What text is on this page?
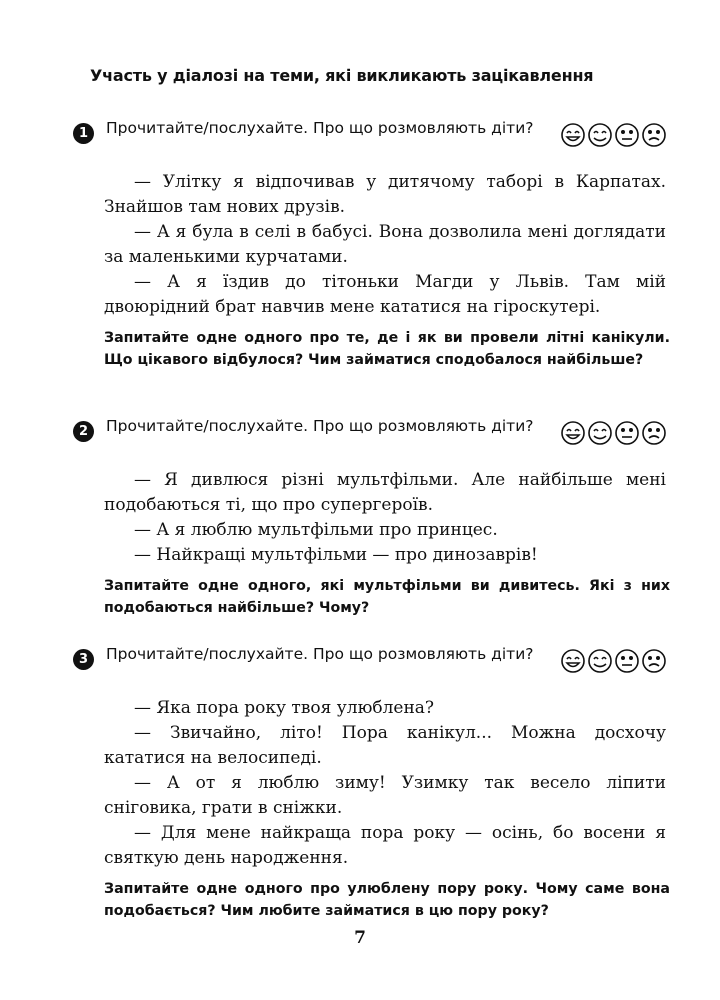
Участь у діалозі на теми, які викликають зацікавлення
1	Прочитайте/послухайте. Про що розмовляють діти?

— Улітку я відпочивав у дитячому таборі в Карпатах. Знайшов там нових друзів.

— А я була в селі в бабусі. Вона дозволила мені доглядати за маленькими курчатами.

— А я їздив до тітоньки Магди у Львів. Там мій двоюрідний брат навчив мене кататися на гіроскутері.

Запитайте одне одного про те, де і як ви провели літні канікули. Що цікавого відбулося? Чим займатися сподобалося найбільше?
2	Прочитайте/послухайте. Про що розмовляють діти?

— Я дивлюся різні мультфільми. Але найбільше мені подобаються ті, що про супергероїв.

— А я люблю мультфільми про принцес.

— Найкращі мультфільми — про динозаврів!

Запитайте одне одного, які мультфільми ви дивитесь. Які з них подобаються найбільше? Чому?
3	Прочитайте/послухайте. Про що розмовляють діти?

— Яка пора року твоя улюблена?

— Звичайно, літо! Пора канікул... Можна досхочу кататися на велосипеді.

— А от я люблю зиму! Узимку так весело ліпити сніговика, грати в сніжки.

— Для мене найкраща пора року — осінь, бо восени я святкую день народження.

Запитайте одне одного про улюблену пору року. Чому саме вона подобається? Чим любите займатися в цю пору року?
7
